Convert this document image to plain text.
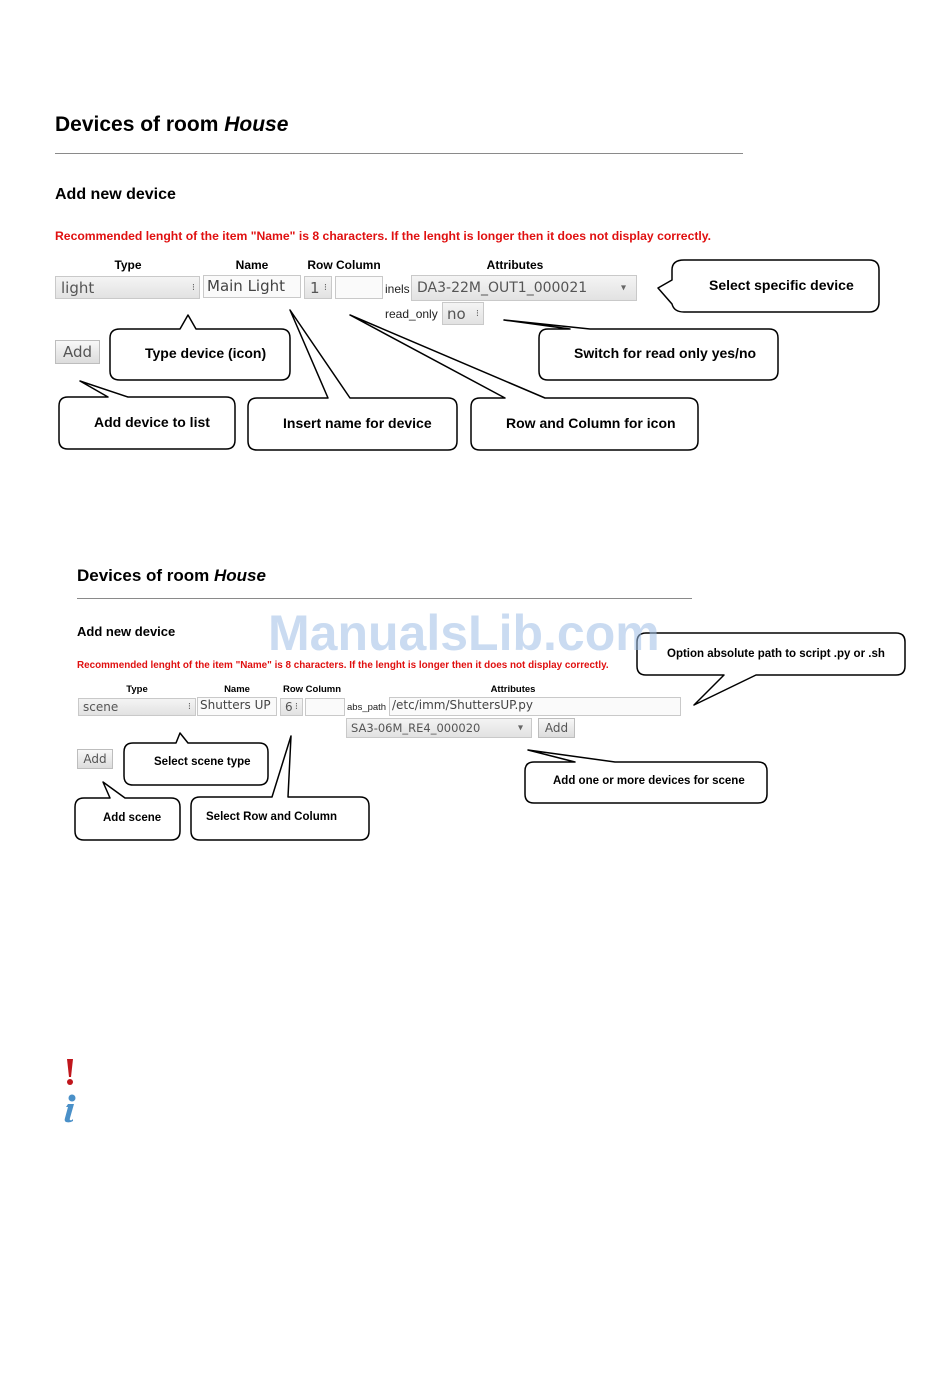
Devices of room House
Add new device
Recommended lenght of the item "Name" is 8 characters. If the lenght is longer then it does not display correctly.
Type	Name	Row Column	Attributes
light	⁝ Main Light	1 ⁝	inels DA3-22M_OUT1_000021	▾
read_only no ⁝
Add
Select specific device
Type device (icon)	Switch for read only yes/no
Add device to list	Insert name for device	Row and Column for icon
Devices of room House
Add new device
Recommended lenght of the item "Name" is 8 characters. If the lenght is longer then it does not display correctly.
Type	Name	Row Column	Attributes
scene	⁝ Shutters UP	6 ⁝	abs_path /etc/imm/ShuttersUP.py
SA3-06M_RE4_000020	▾	Add
Add
Option absolute path to script .py or .sh
Select scene type
Add one or more devices for scene
Add scene	Select Row and Column
ManualsLib.com
